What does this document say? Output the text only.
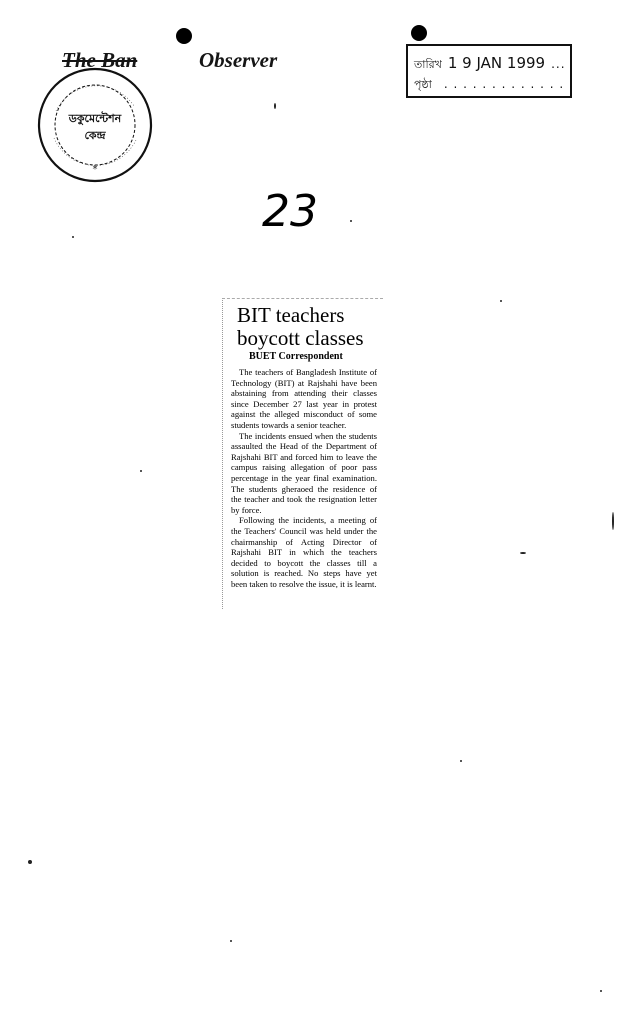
The Ban	Observer
*
ডকুমেন্টেশন
কেন্দ্র
তারিখ 1 9 JAN 1999 ...
পৃষ্ঠা . . . . . . . . . . . . . .
23
BIT teachers
boycott classes
BUET Correspondent

The teachers of Bangladesh Institute of Technology (BIT) at Rajshahi have been abstaining from attending their classes since December 27 last year in protest against the alleged misconduct of some students towards a senior teacher.

The incidents ensued when the students assaulted the Head of the Department of Rajshahi BIT and forced him to leave the campus raising allegation of poor pass percentage in the year final examination. The students gheraoed the residence of the teacher and took the resignation letter by force.

Following the incidents, a meeting of the Teachers' Council was held under the chairmanship of Acting Director of Rajshahi BIT in which the teachers decided to boycott the classes till a solution is reached. No steps have yet been taken to resolve the issue, it is learnt.
